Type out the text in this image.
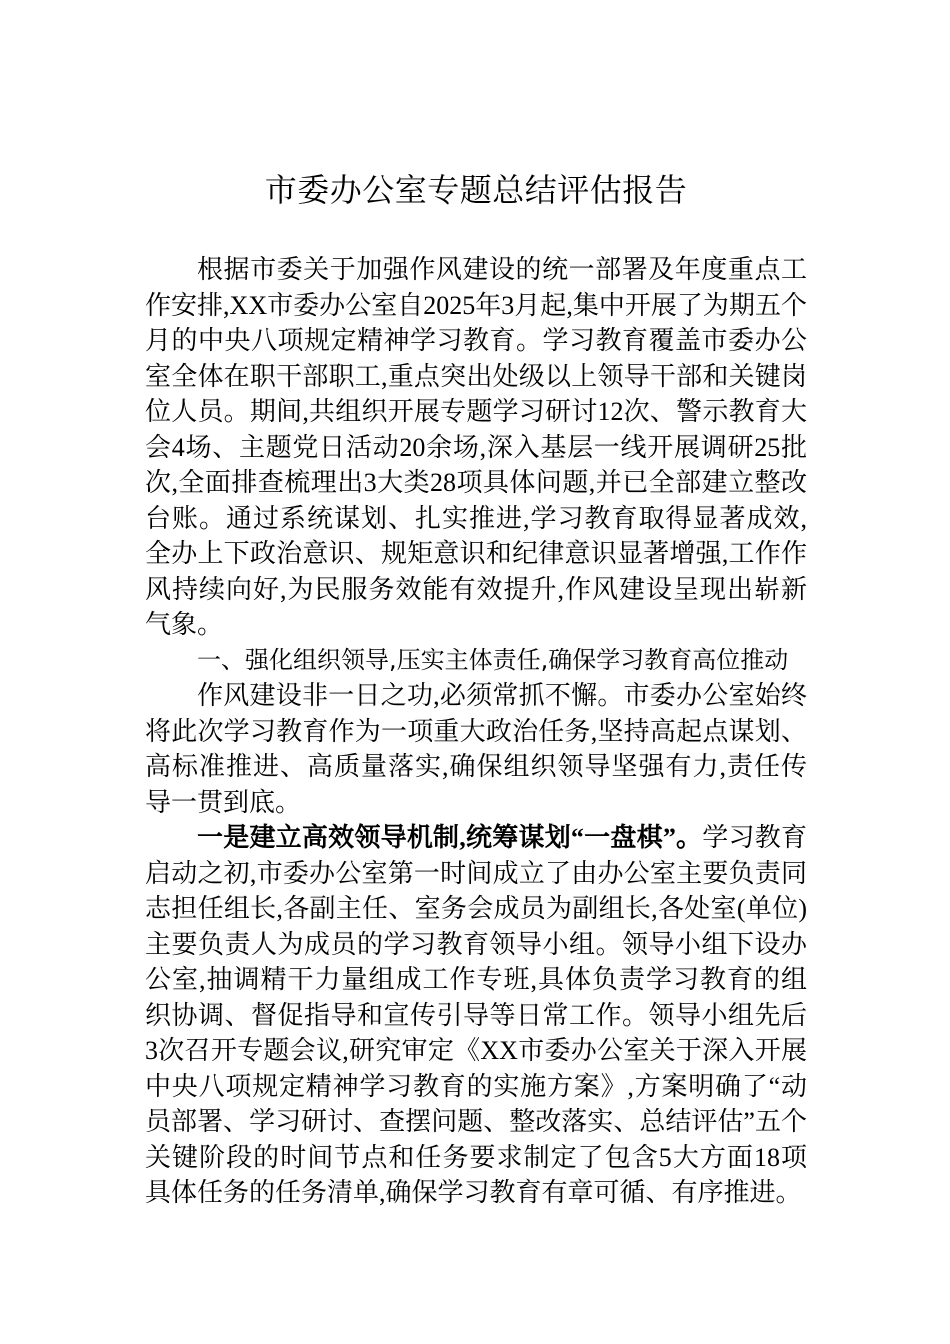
市委办公室专题总结评估报告

根据市委关于加强作风建设的统一部署及年度重点工作安排,XX市委办公室自2025年3月起,集中开展了为期五个月的中央八项规定精神学习教育。学习教育覆盖市委办公室全体在职干部职工,重点突出处级以上领导干部和关键岗位人员。期间,共组织开展专题学习研讨12次、警示教育大会4场、主题党日活动20余场,深入基层一线开展调研25批次,全面排查梳理出3大类28项具体问题,并已全部建立整改台账。通过系统谋划、扎实推进,学习教育取得显著成效,全办上下政治意识、规矩意识和纪律意识显著增强,工作作风持续向好,为民服务效能有效提升,作风建设呈现出崭新气象。

一、强化组织领导,压实主体责任,确保学习教育高位推动

作风建设非一日之功,必须常抓不懈。市委办公室始终将此次学习教育作为一项重大政治任务,坚持高起点谋划、高标准推进、高质量落实,确保组织领导坚强有力,责任传导一贯到底。

一是建立高效领导机制,统筹谋划“一盘棋”。学习教育启动之初,市委办公室第一时间成立了由办公室主要负责同志担任组长,各副主任、室务会成员为副组长,各处室(单位)主要负责人为成员的学习教育领导小组。领导小组下设办公室,抽调精干力量组成工作专班,具体负责学习教育的组织协调、督促指导和宣传引导等日常工作。领导小组先后3次召开专题会议,研究审定《XX市委办公室关于深入开展中央八项规定精神学习教育的实施方案》,方案明确了“动员部署、学习研讨、查摆问题、整改落实、总结评估”五个关键阶段的时间节点和任务要求制定了包含5大方面18项具体任务的任务清单,确保学习教育有章可循、有序推进。
